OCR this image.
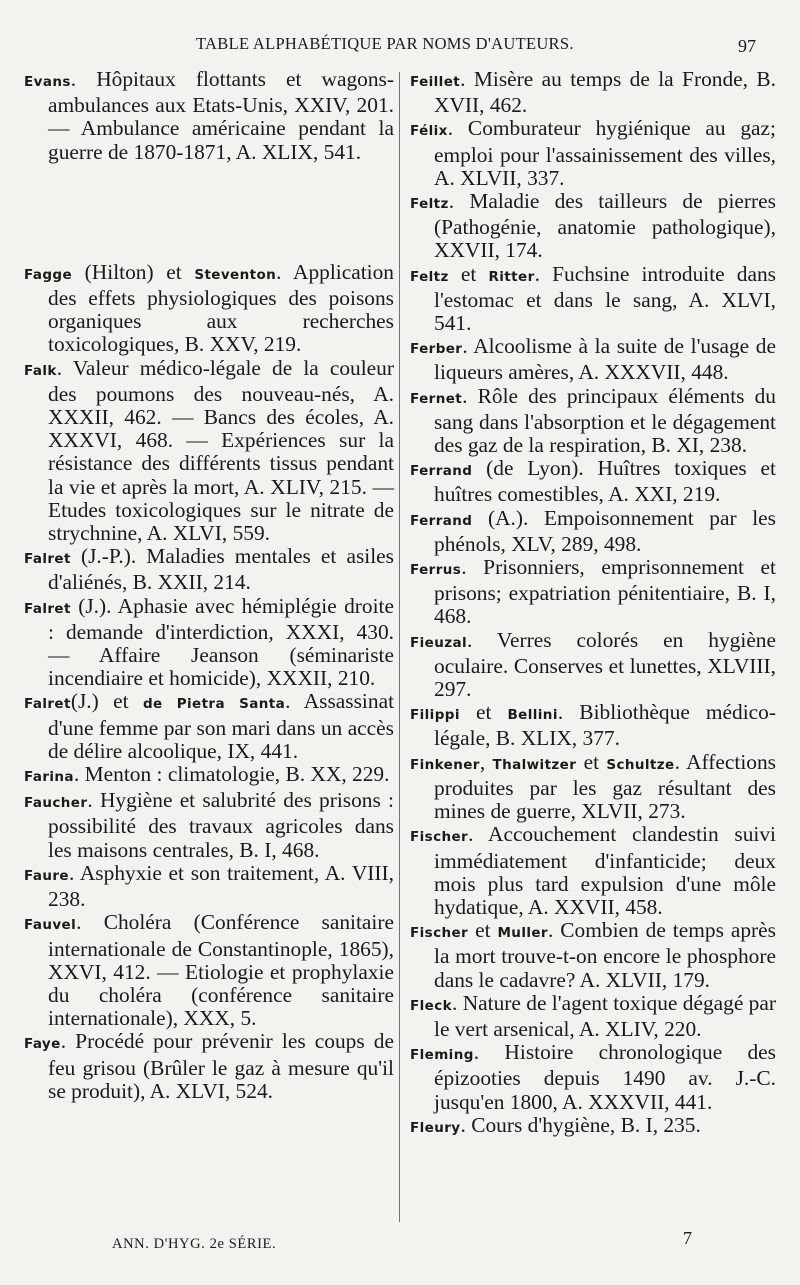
TABLE ALPHABÉTIQUE PAR NOMS D'AUTEURS.	97

Evans. Hôpitaux flottants et wagons-ambulances aux Etats-Unis, XXIV, 201. — Ambulance américaine pendant la guerre de 1870-1871, A. XLIX, 541.

Fagge (Hilton) et Steventon. Application des effets physiologiques des poisons organiques aux recherches toxicologiques, B. XXV, 219.

Falk. Valeur médico-légale de la couleur des poumons des nouveau-nés, A. XXXII, 462. — Bancs des écoles, A. XXXVI, 468. — Expériences sur la résistance des différents tissus pendant la vie et après la mort, A. XLIV, 215. — Etudes toxicologiques sur le nitrate de strychnine, A. XLVI, 559.

Falret (J.-P.). Maladies mentales et asiles d'aliénés, B. XXII, 214.

Falret (J.). Aphasie avec hémiplégie droite : demande d'interdiction, XXXI, 430. — Affaire Jeanson (séminariste incendiaire et homicide), XXXII, 210.

Falret(J.) et de Pietra Santa. Assassinat d'une femme par son mari dans un accès de délire alcoolique, IX, 441.

Farina. Menton : climatologie, B. XX, 229.

Faucher. Hygiène et salubrité des prisons : possibilité des travaux agricoles dans les maisons centrales, B. I, 468.

Faure. Asphyxie et son traitement, A. VIII, 238.

Fauvel. Choléra (Conférence sanitaire internationale de Constantinople, 1865), XXVI, 412. — Etiologie et prophylaxie du choléra (conférence sanitaire internationale), XXX, 5.

Faye. Procédé pour prévenir les coups de feu grisou (Brûler le gaz à mesure qu'il se produit), A. XLVI, 524.

Feillet. Misère au temps de la Fronde, B. XVII, 462.

Félix. Comburateur hygiénique au gaz; emploi pour l'assainissement des villes, A. XLVII, 337.

Feltz. Maladie des tailleurs de pierres (Pathogénie, anatomie pathologique), XXVII, 174.

Feltz et Ritter. Fuchsine introduite dans l'estomac et dans le sang, A. XLVI, 541.

Ferber. Alcoolisme à la suite de l'usage de liqueurs amères, A. XXXVII, 448.

Fernet. Rôle des principaux éléments du sang dans l'absorption et le dégagement des gaz de la respiration, B. XI, 238.

Ferrand (de Lyon). Huîtres toxiques et huîtres comestibles, A. XXI, 219.

Ferrand (A.). Empoisonnement par les phénols, XLV, 289, 498.

Ferrus. Prisonniers, emprisonnement et prisons; expatriation pénitentiaire, B. I, 468.

Fieuzal. Verres colorés en hygiène oculaire. Conserves et lunettes, XLVIII, 297.

Filippi et Bellini. Bibliothèque médico-légale, B. XLIX, 377.

Finkener, Thalwitzer et Schultze. Affections produites par les gaz résultant des mines de guerre, XLVII, 273.

Fischer. Accouchement clandestin suivi immédiatement d'infanticide; deux mois plus tard expulsion d'une môle hydatique, A. XXVII, 458.

Fischer et Muller. Combien de temps après la mort trouve-t-on encore le phosphore dans le cadavre? A. XLVII, 179.

Fleck. Nature de l'agent toxique dégagé par le vert arsenical, A. XLIV, 220.

Fleming. Histoire chronologique des épizooties depuis 1490 av. J.-C. jusqu'en 1800, A. XXXVII, 441.

Fleury. Cours d'hygiène, B. I, 235.

ANN. D'HYG. 2e SÉRIE.	7
